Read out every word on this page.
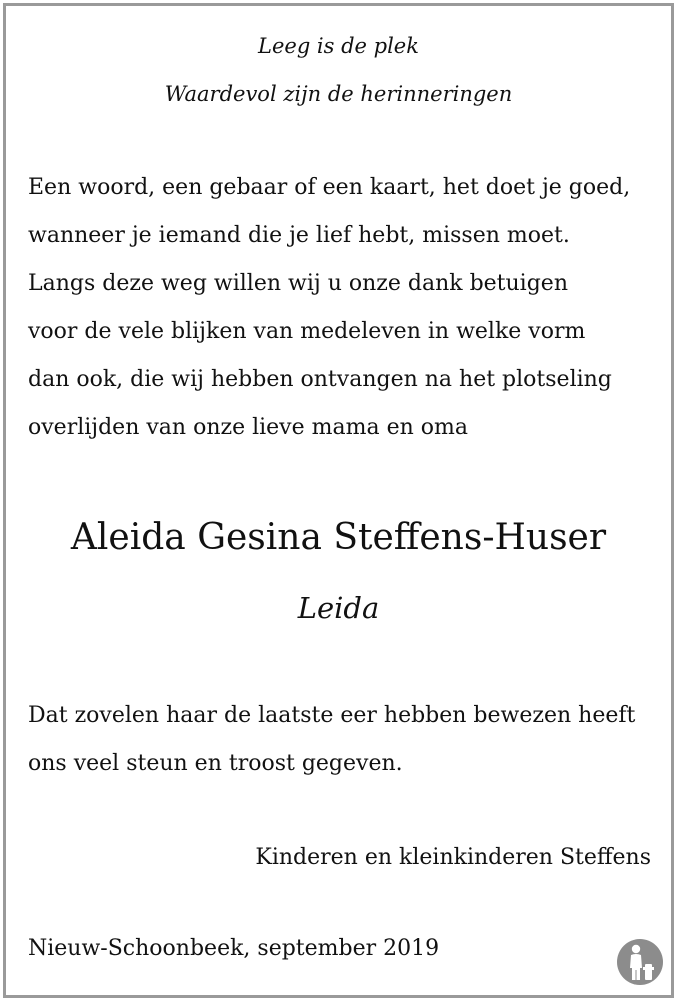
Leeg is de plek
Waardevol zijn de herinneringen
Een woord, een gebaar of een kaart, het doet je goed,
wanneer je iemand die je lief hebt, missen moet.
Langs deze weg willen wij u onze dank betuigen
voor de vele blijken van medeleven in welke vorm
dan ook, die wij hebben ontvangen na het plotseling
overlijden van onze lieve mama en oma
Aleida Gesina Steffens-Huser
Leida
Dat zovelen haar de laatste eer hebben bewezen heeft
ons veel steun en troost gegeven.
Kinderen en kleinkinderen Steffens
Nieuw-Schoonbeek, september 2019
